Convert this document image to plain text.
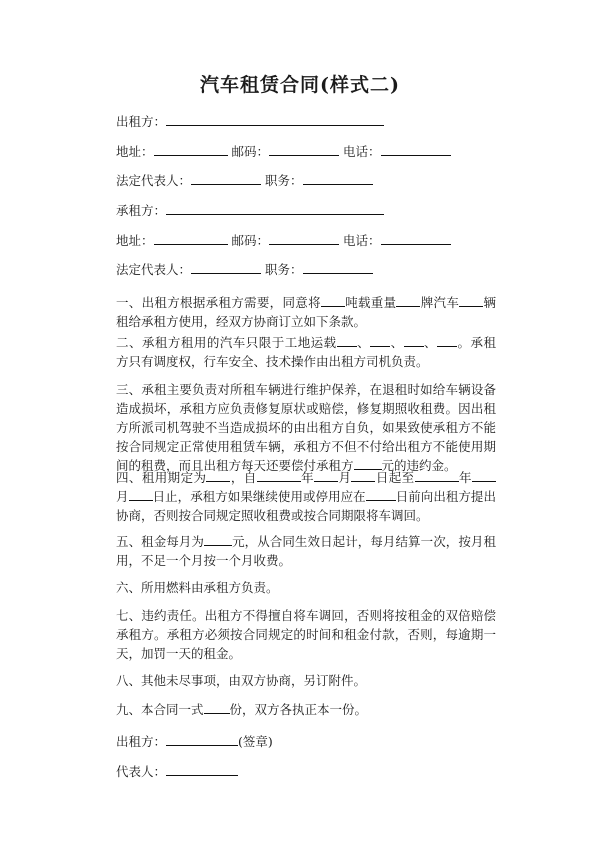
汽车租赁合同(样式二)
出租方：
地址：	邮码：	电话：
法定代表人：	职务：
承租方：
地址：	邮码：	电话：
法定代表人：	职务：
一、出租方根据承租方需要，同意将 吨载重量 牌汽车 辆租给承租方使用，经双方协商订立如下条款。
二、承租方租用的汽车只限于工地运载 、 、 、 。承租方只有调度权，行车安全、技术操作由出租方司机负责。
三、承租主要负责对所租车辆进行维护保养，在退租时如给车辆设备造成损坏，承租方应负责修复原状或赔偿，修复期照收租费。因出租方所派司机驾驶不当造成损坏的由出租方自负，如果致使承租方不能按合同规定正常使用租赁车辆，承租方不但不付给出租方不能使用期间的租费，而且出租方每天还要偿付承租方 元的违约金。
四、租用期定为 ，自	年 月 日起至	年月 日止，承租方如果继续使用或停用应在 日前向出租方提出协商，否则按合同规定照收租费或按合同期限将车调回。
五、租金每月为 元，从合同生效日起计，每月结算一次，按月租用，不足一个月按一个月收费。
六、所用燃料由承租方负责。
七、违约责任。出租方不得擅自将车调回，否则将按租金的双倍赔偿承租方。承租方必须按合同规定的时间和租金付款，否则，每逾期一天，加罚一天的租金。
八、其他未尽事项，由双方协商，另订附件。
九、本合同一式 份，双方各执正本一份。
出租方：	(签章)
代表人：
